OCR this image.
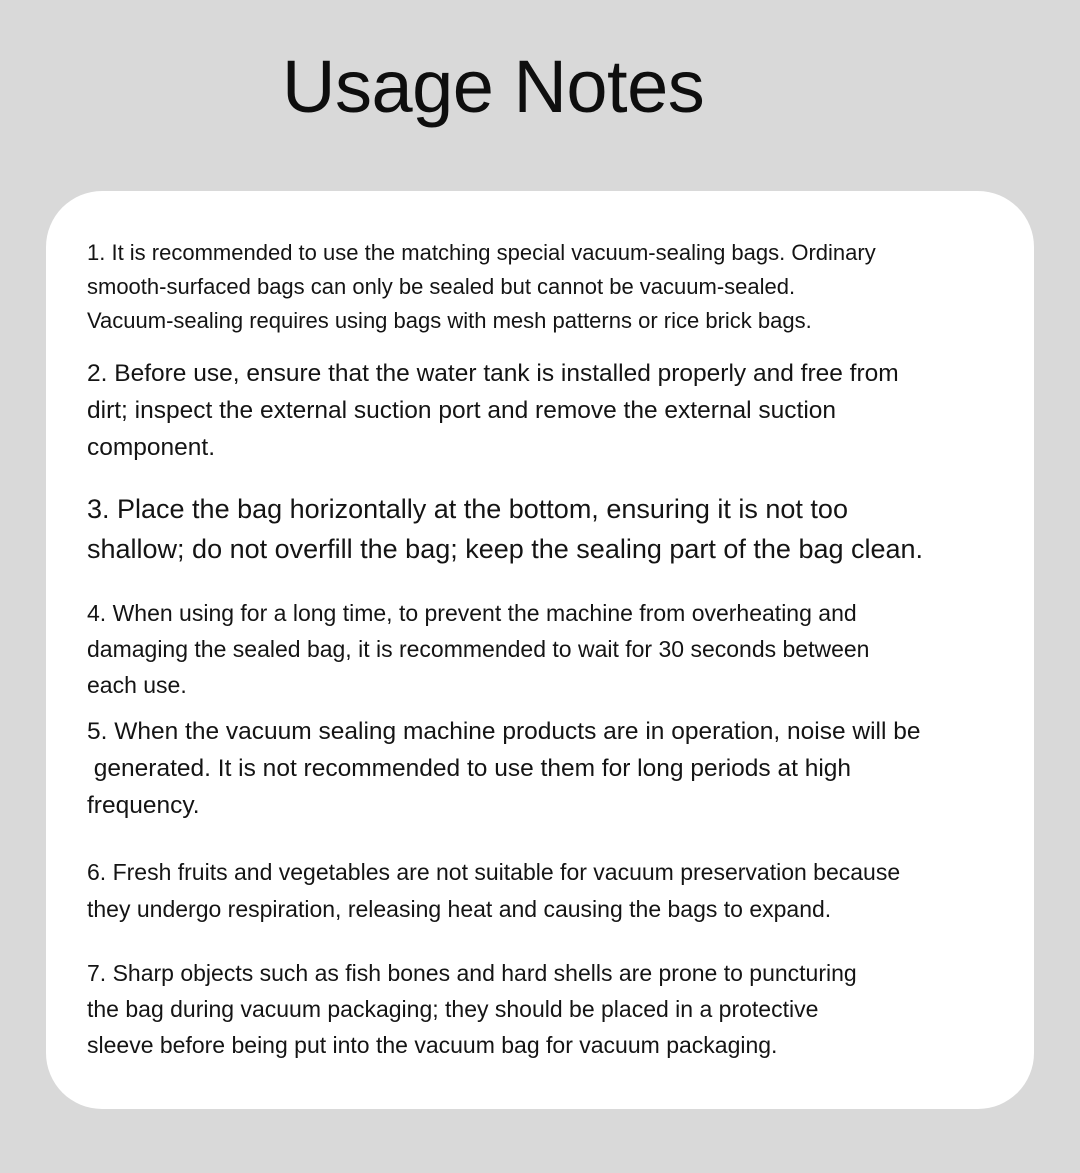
Usage Notes

1. It is recommended to use the matching special vacuum-sealing bags. Ordinary
smooth-surfaced bags can only be sealed but cannot be vacuum-sealed.
Vacuum-sealing requires using bags with mesh patterns or rice brick bags.

2. Before use, ensure that the water tank is installed properly and free from
dirt; inspect the external suction port and remove the external suction
component.

3. Place the bag horizontally at the bottom, ensuring it is not too
shallow; do not overfill the bag; keep the sealing part of the bag clean.

4. When using for a long time, to prevent the machine from overheating and
damaging the sealed bag, it is recommended to wait for 30 seconds between
each use.

5. When the vacuum sealing machine products are in operation, noise will be
generated. It is not recommended to use them for long periods at high
frequency.

6. Fresh fruits and vegetables are not suitable for vacuum preservation because
they undergo respiration, releasing heat and causing the bags to expand.

7. Sharp objects such as fish bones and hard shells are prone to puncturing
the bag during vacuum packaging; they should be placed in a protective
sleeve before being put into the vacuum bag for vacuum packaging.
